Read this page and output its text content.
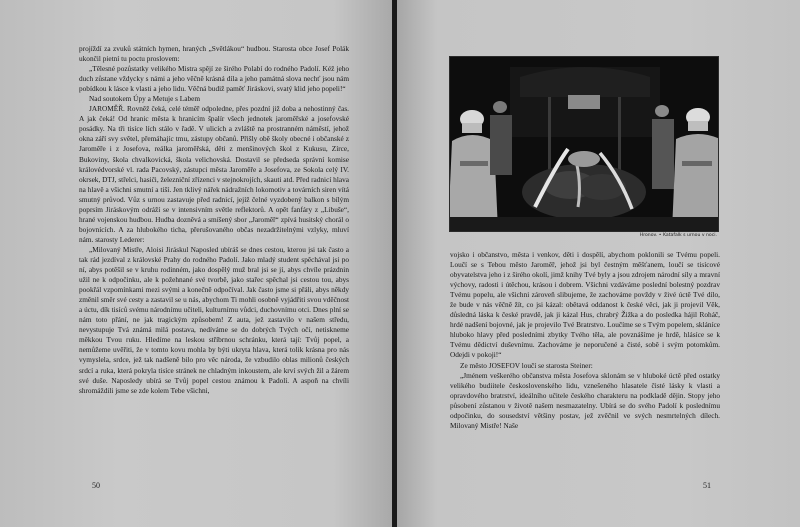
projíždí za zvuků státních hymen, hraných „Světlákou“ hudbou. Starosta obce Josef Polák ukončil pietní tu poctu proslovem:

„Tělesné pozůstatky velikého Mistra spějí ze širého Polabí do rodného Padolí. Kéž jeho duch zůstane vždycky s námi a jeho věčně krásná díla a jeho památná slova nechť jsou nám pobídkou k lásce k vlasti a jeho lidu. Věčná budiž paměť Jiráskovi, svatý klid jeho popeli!“

Nad soutokem Úpy a Metuje s Labem

JAROMĚŘ. Rovněž čeká, celé téměř odpoledne, přes pozdní již doba a nehostinný čas. A jak čeká! Od hranic města k hranicím špalír všech jednotek jaroměřské a josefovské posádky. Na tři tisíce lích stálo v řadě. V ulicích a zvláště na prostranném náměstí, jehož okna září svy světel, přemáhajíc tmu, zástupy občanů. Přišly obě školy obecné i občanské z Jaroměře i z Josefova, reálka jaroměřská, děti z menšinových škol z Kukusu, Zírce, Bukoviny, škola chvalkovická, škola velichovská. Dostavil se předseda správní komise královédvorské vl. rada Pacovský, zástupci města Jaroměře a Josefova, ze Sokola celý IV. okrsek, DTJ, střelci, hasiči, železniční zřízenci v stejnokrojích, skauti atd. Před radnicí hlava na hlavě a všichni smutní a tiší. Jen tklivý nářek nádražních lokomotiv a továrních siren vítá smutný průvod. Vůz s urnou zastavuje před radnicí, jejíž čelné vyzdobený balkon s bílým poprsím Jiráskovým odráží se v intensivním světle reflektorů. A opět fanfáry z „Libuše“, hrané vojenskou hudbou. Hudba dozněvá a smíšený sbor „Jaroměř“ zpívá husitský chorál o bojovnících. A za hlubokého ticha, přerušovaného občas nezadržitelnými vzlyky, mluví nám. starosty Lederer:

„Milovaný Mistře, Aloisi Jiráskul Naposled ubíráš se dnes cestou, kterou jsi tak často a tak rád jezdíval z královské Prahy do rodného Padolí. Jako mladý student spěchával jsi po ní, abys potěšil se v kruhu rodinném, jako dospělý muž bral jsi se jí, abys chvíle prázdnin užil ne k odpočinku, ale k požehnané své tvorbě, jako stařec spěchal jsi cestou tou, abys pookřál vzpomínkami mezi svými a konečně odpočíval. Jak často jsme si přáli, abys někdy změnil směr své cesty a zastavil se u nás, abychom Ti mohli osobně vyjádřiti svou vděčnost a úctu, dík tisíců svému národnímu učiteli, kulturnímu vůdci, duchovnímu otci. Dnes plní se nám toto přání, ne jak tragickým způsobem! Z auta, jež zastavilo v našem středu, nevystupuje Tvá známá milá postava, nedíváme se do dobrých Tvých očí, netiskneme měkkou Tvou ruku. Hledíme na leskou stříbrnou schránku, která tají: Tvůj popel, a nemůžeme uvěřiti, že v tomto kovu mohla by býti ukryta hlava, která tolik krásna pro nás vymyslela, srdce, jež tak nadšeně bilo pro věc národa, že vzbudilo oblas milionů českých srdcí a ruka, která pokryla tisíce stránek ne chladným inkoustem, ale krví svých žil a žárem své duše. Naposledy ubírá se Tvůj popel cestou známou k Padolí. A aspoň na chvíli shromáždili jsme se zde kolem Tebe všichni,

50
Hronov. • Katafalk s urnou v noci.

vojsko i občanstvo, města i venkov, děti i dospělí, abychom poklonili se Tvému popeli. Loučí se s Tebou město Jaroměř, jehož jsi byl čestným měšťanem, loučí se tisícové obyvatelstva jeho i z širého okolí, jimž knihy Tvé byly a jsou zdrojem národní síly a mravní výchovy, radosti i útěchou, krásou i dobrem. Všichni vzdáváme poslední bolestný pozdrav Tvému popelu, ale všichni zároveň slibujeme, že zachováme povždy v živé úctě Tvé dílo, že bude v nás věčně žít, co jsi kázal: obětavá oddanost k české věci, jak ji projevil Věk, důsledná láska k české pravdě, jak ji kázal Hus, chrabrý Žižka a do posledka hájil Roháč, hrdé nadšení bojovné, jak je projevilo Tvé Bratrstvo. Loučíme se s Tvým popelem, skláníce hluboko hlavy před posledními zbytky Tvého těla, ale povznášíme je hrdě, hlásíce se k Tvému dědictví duševnímu. Zachováme je neporučené a čisté, sobě i svým potomkům. Odejdi v pokoji!“

Ze město JOSEFOV loučí se starosta Steiner:

„Jménem veškerého občanstva města Josefova sklonám se v hluboké úctě před ostatky velikého budiitele československého lidu, vznešeného hlasatele čisté lásky k vlasti a opravdového bratrství, ideálního učitele českého charakteru na podkladě dějin. Stopy jeho působení zůstanou v životě našem nesmazatelny. Ubírá se do svého Padolí k poslednímu odpočinku, do sousedství většiny postav, jež zvěčnil ve svých nesmrtelných dílech. Milovaný Mistře! Naše

51
